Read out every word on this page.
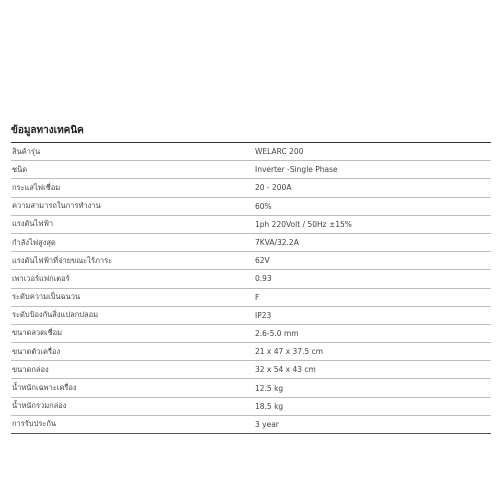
ข้อมูลทางเทคนิค
สินค้ารุ่น	WELARC 200
ชนิด	Inverter -Single Phase
กระแสไฟเชื่อม	20 - 200A
ความสามารถในการทำงาน	60%
แรงดันไฟฟ้า	1ph 220Volt / 50Hz ±15%
กำลังไฟสูงสุด	7KVA/32.2A
แรงดันไฟฟ้าที่จ่ายขณะไร้ภาระ	62V
เพาเวอร์แฟกเตอร์	0.93
ระดับความเป็นฉนวน	F
ระดับป้องกันสิ่งแปลกปลอม	IP23
ขนาดลวดเชื่อม	2.6-5.0 mm
ขนาดตัวเครื่อง	21 x 47 x 37.5 cm
ขนาดกล่อง	32 x 54 x 43 cm
น้ำหนักเฉพาะเครื่อง	12.5 kg
น้ำหนักรวมกล่อง	18.5 kg
การรับประกัน	3 year
